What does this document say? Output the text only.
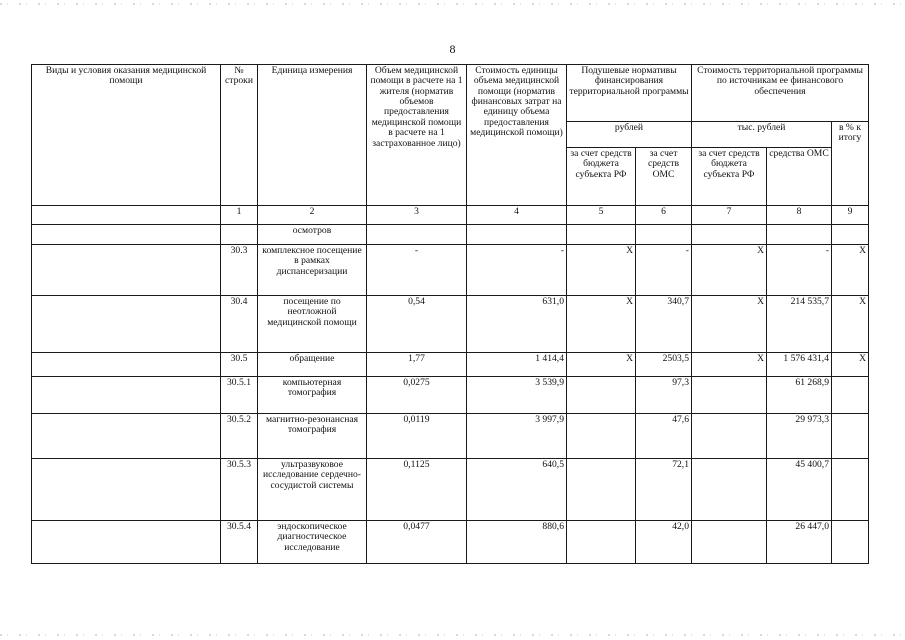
8
Виды и условия оказания медицинской помощи	№ строки	Единица измерения	Объем медицинской помощи в расчете на 1 жителя (норматив объемов предоставления медицинской помощи в расчете на 1 застрахованное лицо)	Стоимость единицы объема медицинской помощи (норматив финансовых затрат на единицу объема предоставления медицинской помощи)	Подушевые нормативы финансирования территориальной программы		Стоимость территориальной программы по источникам ее финансового обеспечения		
					рублей		тыс. рублей		в % к итогу
					за счет средств бюджета субъекта РФ	за счет средств ОМС	за счет средств бюджета субъекта РФ	средства ОМС	
	1	2	3	4	5	6	7	8	9
		осмотров							
	30.3	комплексное посещение в рамках диспансеризации	-	-	X	-	X	-	X
	30.4	посещение по неотложной медицинской помощи	0,54	631,0	X	340,7	X	214 535,7	X
	30.5	обращение	1,77	1 414,4	X	2503,5	X	1 576 431,4	X
	30.5.1	компьютерная томография	0,0275	3 539,9		97,3		61 268,9	
	30.5.2	магнитно-резонансная томография	0,0119	3 997,9		47,6		29 973,3	
	30.5.3	ультразвуковое исследование сердечно-сосудистой системы	0,1125	640,5		72,1		45 400,7	
	30.5.4	эндоскопическое диагностическое исследование	0,0477	880,6		42,0		26 447,0	
